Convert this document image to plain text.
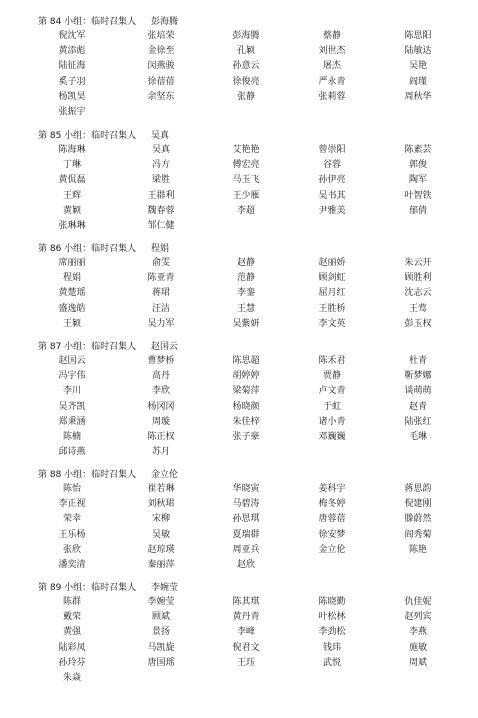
第 84 小组：临时召集人 彭海腾
倪沈军	张培荣	彭海腾	蔡静	陈思阳
黄添彪	金徐至	孔颖	刘世杰	陆敏达
陆征海	闵燕骏	孙意云	屠杰	吴艳
奚子羽	徐蓓蓓	徐俊亮	严永青	阎瑾
杨凯昊	余坚东	张静	张莉蓉	周秋华
张振宇
第 85 小组：临时召集人 吴真
陈海琳	吴真	艾艳艳	曾崇阳	陈素芸
丁琳	冯方	傅宏亮	谷蓉	郭俊
黄侃磊	梁胜	马玉飞	孙伊亮	陶军
王辉	王群利	王少雁	吴书其	叶智铁
黄颖	魏春蓉	李超	尹雅美	郁倩
张琳琳	邹仁健
第 86 小组：临时召集人 程娟
席丽丽	俞雯	赵静	赵丽娇	朱云开
程娟	陈亚青	范静	顾剑虹	顾胜利
黄楚瑶	蒋珺	李銮	屈月红	沈志云
盛逸皓	汪洁	王慧	王胜桥	王莺
王颖	吴力军	吴紫妍	李文英	彭玉权
第 87 小组：临时召集人 赵国云
赵国云	曹梦桥	陈思超	陈禾君	杜青
冯宇伟	高丹	胡婷婷	贾静	靳梦娜
李川	李欣	梁菊萍	卢文青	谈萌萌
吴齐凯	杨冈冈	杨晓颜	于虹	赵青
郑秉涵	周璇	朱佳梓	诸小青	陆张红
陈楠	陈正权	张子豪	邓巍巍	毛琳
邱诗燕	苏月
第 88 小组：临时召集人 金立伦
陈怡	崔若琳	华晓寅	姜科宇	蒋思韵
李正视	刘秋珺	马碧涛	梅冬婷	倪建刚
荣幸	宋柳	孙思琪	唐蓉蓓	滕蔚然
王乐杨	吴敏	夏瑞群	徐安梦	阎秀菊
张欣	赵琼瑛	周亚兵	金立伦	陈艳
潘奕清	秦丽萍	赵欣
第 89 小组：临时召集人 李婉莹
陈群	李婉莹	陈其琪	陈晓勤	仇佳妮
戴荣	顾斌	黄丹青	叶松林	赵列宾
黄强	景扬	李峰	李劲松	李燕
陆彩凤	马凯旋	倪君文	钱玮	施敏
孙玲芬	唐国瑶	王珏	武悦	周斌
朱焱
